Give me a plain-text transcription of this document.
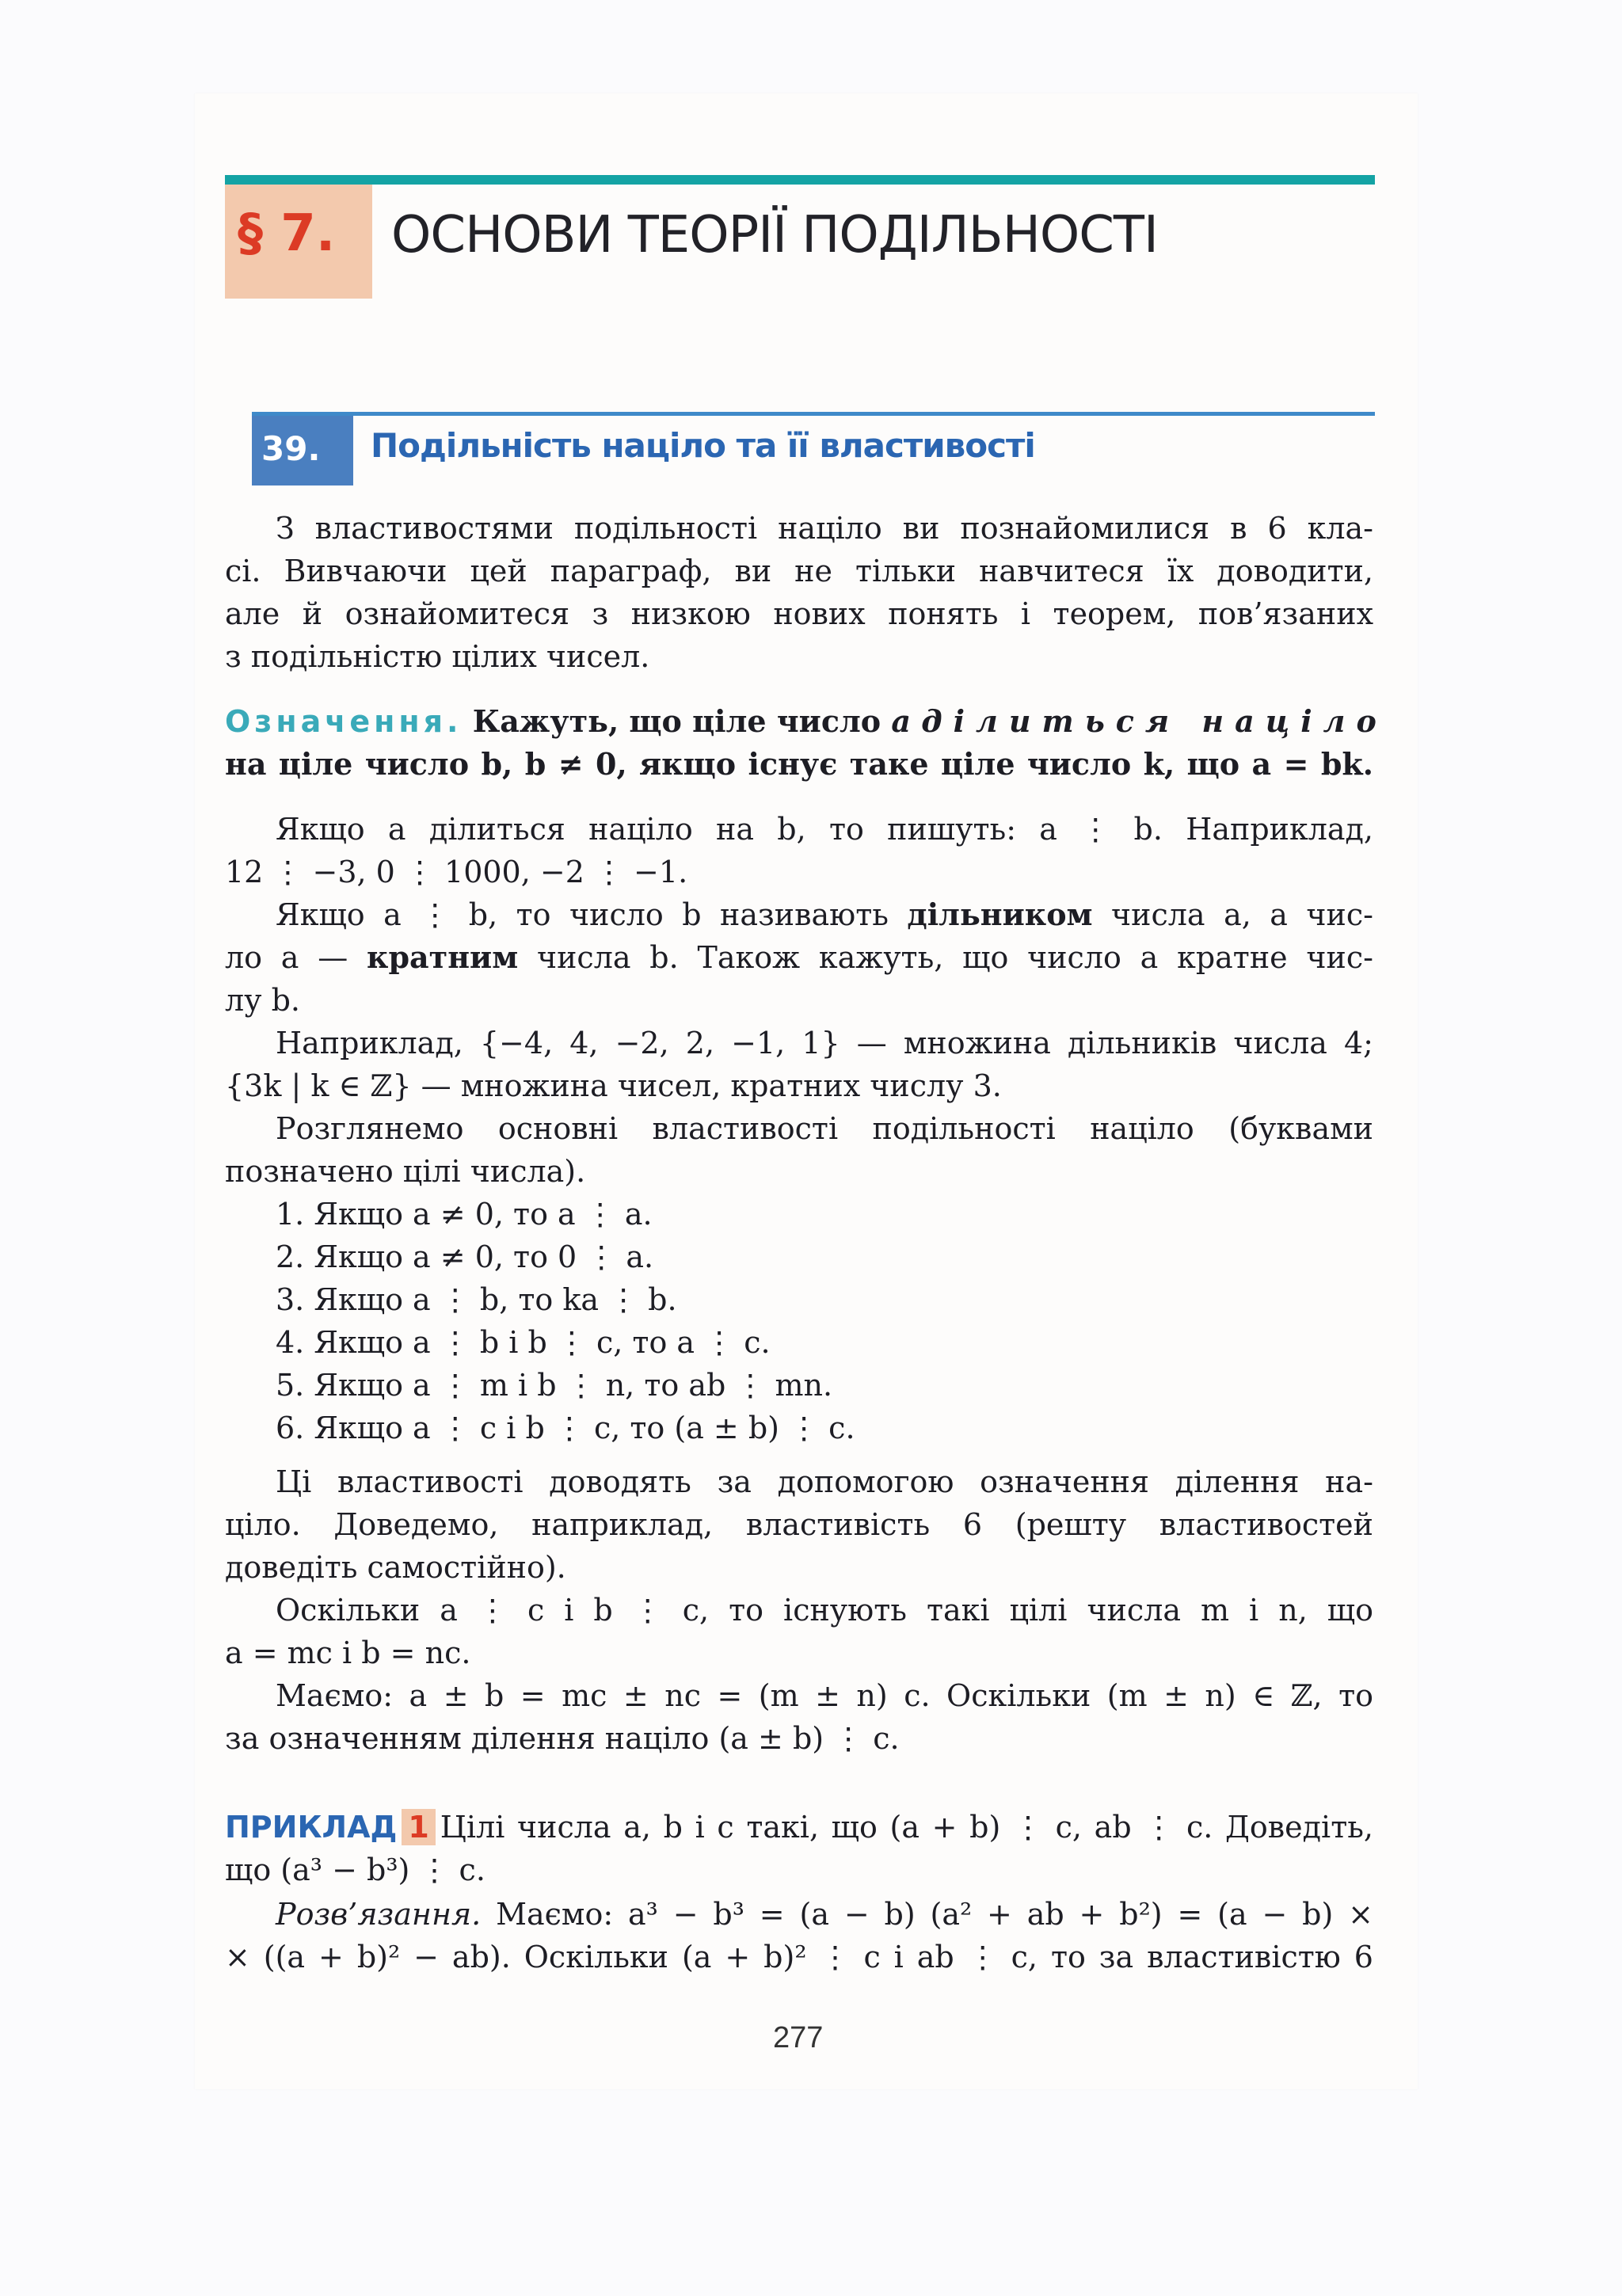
§ 7. ОСНОВИ ТЕОРІЇ ПОДІЛЬНОСТІ
39. Подільність націло та її властивості
З властивостями подільності націло ви познайомилися в 6 кла-
сі. Вивчаючи цей параграф, ви не тільки навчитеся їх доводити,
але й ознайомитеся з низкою нових понять і теорем, пов’язаних
з подільністю цілих чисел.
Означення. Кажуть, що ціле число a ділиться націло
на ціле число b, b ≠ 0, якщо існує таке ціле число k, що a = bk.
Якщо a ділиться націло на b, то пишуть: a ⋮ b. Наприклад,
12 ⋮ −3, 0 ⋮ 1000, −2 ⋮ −1.
Якщо a ⋮ b, то число b називають дільником числа a, а чис-
ло a — кратним числа b. Також кажуть, що число a кратне чис-
лу b.
Наприклад, {−4, 4, −2, 2, −1, 1} — множина дільників числа 4;
{3k | k ∈ ℤ} — множина чисел, кратних числу 3.
Розглянемо основні властивості подільності націло (буквами
позначено цілі числа).
1. Якщо a ≠ 0, то a ⋮ a.
2. Якщо a ≠ 0, то 0 ⋮ a.
3. Якщо a ⋮ b, то ka ⋮ b.
4. Якщо a ⋮ b і b ⋮ c, то a ⋮ c.
5. Якщо a ⋮ m і b ⋮ n, то ab ⋮ mn.
6. Якщо a ⋮ c і b ⋮ c, то (a ± b) ⋮ c.
Ці властивості доводять за допомогою означення ділення на-
ціло. Доведемо, наприклад, властивість 6 (решту властивостей
доведіть самостійно).
Оскільки a ⋮ c і b ⋮ c, то існують такі цілі числа m і n, що
a = mc і b = nc.
Маємо: a ± b = mc ± nc = (m ± n) c. Оскільки (m ± n) ∈ ℤ, то
за означенням ділення націло (a ± b) ⋮ c.
ПРИКЛАД 1 Цілі числа a, b і c такі, що (a + b) ⋮ c, ab ⋮ c. Доведіть,
що (a³ − b³) ⋮ c.
Розв’язання. Маємо: a³ − b³ = (a − b) (a² + ab + b²) = (a − b) ×
× ((a + b)² − ab). Оскільки (a + b)² ⋮ c і ab ⋮ c, то за властивістю 6
277
